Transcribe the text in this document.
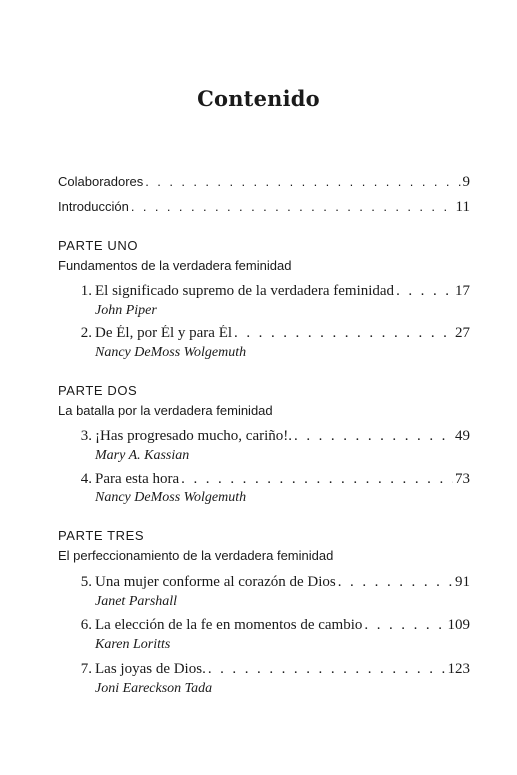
Contenido
Colaboradores . . .	9
Introducción . . .	11
PARTE UNO
Fundamentos de la verdadera feminidad
1. El significado supremo de la verdadera feminidad . . .	17
John Piper
2. De Él, por Él y para Él . . .	27
Nancy DeMoss Wolgemuth
PARTE DOS
La batalla por la verdadera feminidad
3. ¡Has progresado mucho, cariño!. . . .	49
Mary A. Kassian
4. Para esta hora . . .	73
Nancy DeMoss Wolgemuth
PARTE TRES
El perfeccionamiento de la verdadera feminidad
5. Una mujer conforme al corazón de Dios . . .	91
Janet Parshall
6. La elección de la fe en momentos de cambio . . .	109
Karen Loritts
7. Las joyas de Dios. . . .	123
Joni Eareckson Tada
